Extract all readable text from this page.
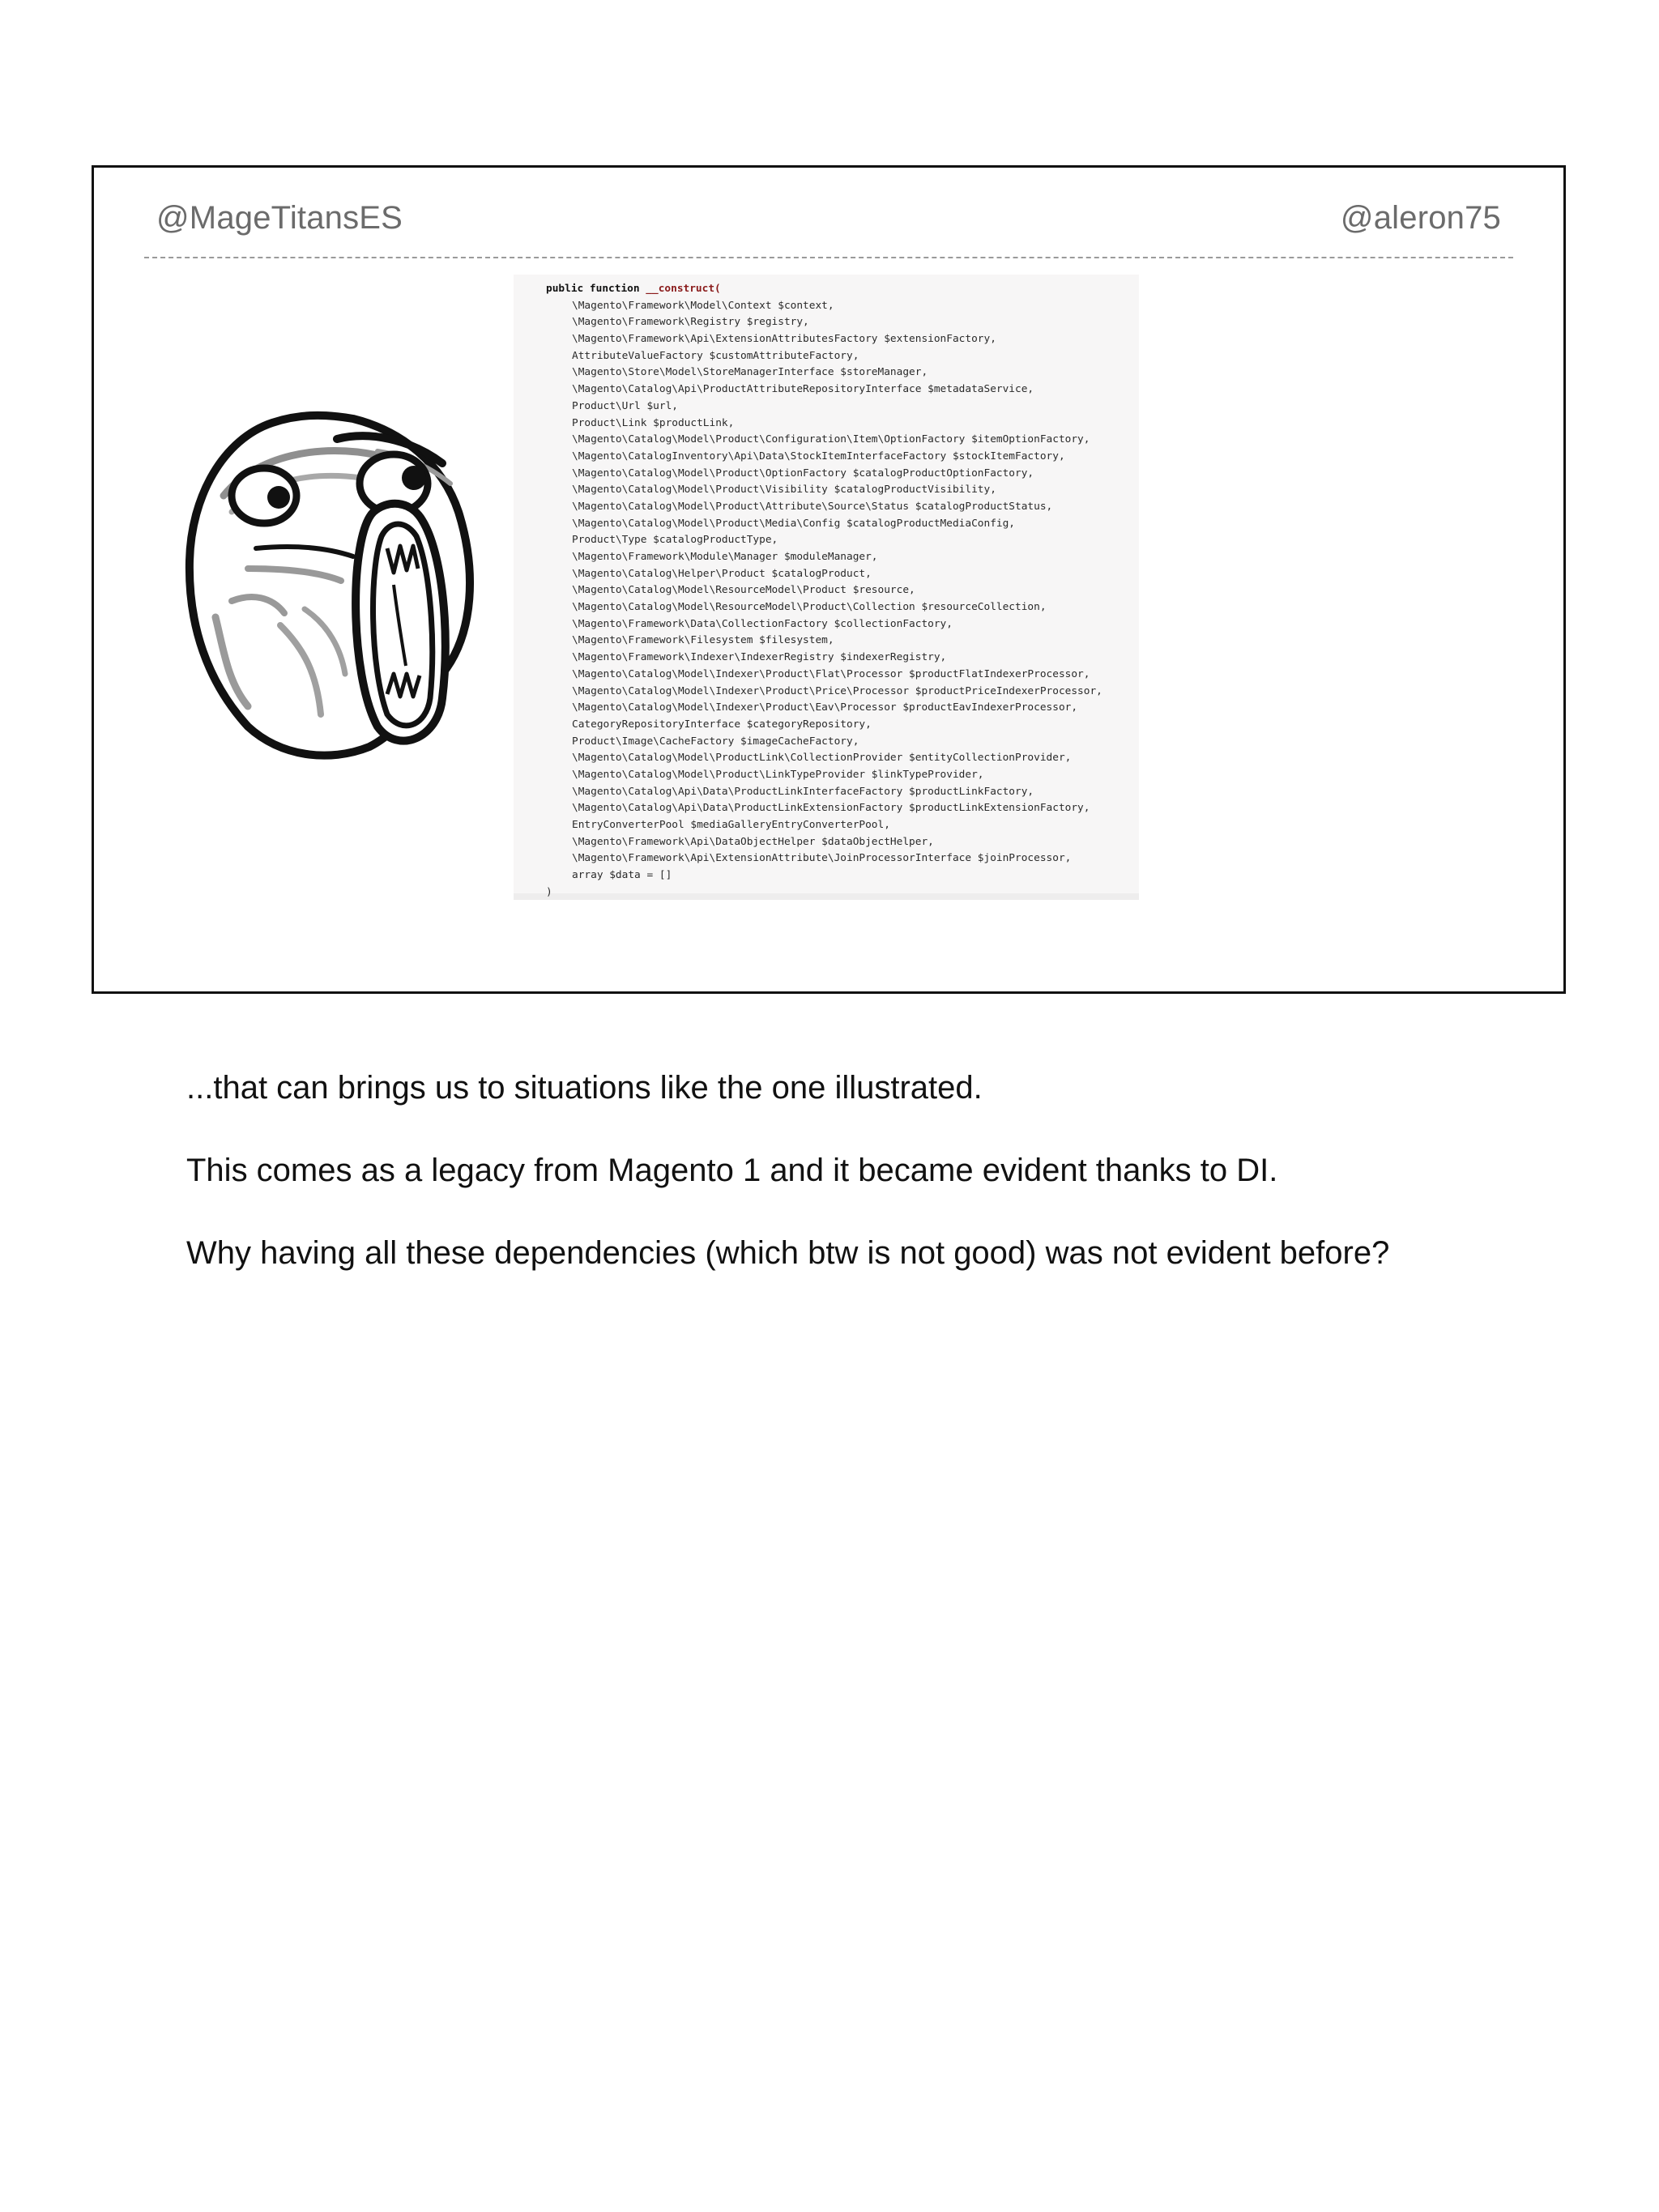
@MageTitansES	@aleron75
public function __construct(
\Magento\Framework\Model\Context $context,
\Magento\Framework\Registry $registry,
\Magento\Framework\Api\ExtensionAttributesFactory $extensionFactory,
AttributeValueFactory $customAttributeFactory,
\Magento\Store\Model\StoreManagerInterface $storeManager,
\Magento\Catalog\Api\ProductAttributeRepositoryInterface $metadataService,
Product\Url $url,
Product\Link $productLink,
\Magento\Catalog\Model\Product\Configuration\Item\OptionFactory $itemOptionFactory,
\Magento\CatalogInventory\Api\Data\StockItemInterfaceFactory $stockItemFactory,
\Magento\Catalog\Model\Product\OptionFactory $catalogProductOptionFactory,
\Magento\Catalog\Model\Product\Visibility $catalogProductVisibility,
\Magento\Catalog\Model\Product\Attribute\Source\Status $catalogProductStatus,
\Magento\Catalog\Model\Product\Media\Config $catalogProductMediaConfig,
Product\Type $catalogProductType,
\Magento\Framework\Module\Manager $moduleManager,
\Magento\Catalog\Helper\Product $catalogProduct,
\Magento\Catalog\Model\ResourceModel\Product $resource,
\Magento\Catalog\Model\ResourceModel\Product\Collection $resourceCollection,
\Magento\Framework\Data\CollectionFactory $collectionFactory,
\Magento\Framework\Filesystem $filesystem,
\Magento\Framework\Indexer\IndexerRegistry $indexerRegistry,
\Magento\Catalog\Model\Indexer\Product\Flat\Processor $productFlatIndexerProcessor,
\Magento\Catalog\Model\Indexer\Product\Price\Processor $productPriceIndexerProcessor,
\Magento\Catalog\Model\Indexer\Product\Eav\Processor $productEavIndexerProcessor,
CategoryRepositoryInterface $categoryRepository,
Product\Image\CacheFactory $imageCacheFactory,
\Magento\Catalog\Model\ProductLink\CollectionProvider $entityCollectionProvider,
\Magento\Catalog\Model\Product\LinkTypeProvider $linkTypeProvider,
\Magento\Catalog\Api\Data\ProductLinkInterfaceFactory $productLinkFactory,
\Magento\Catalog\Api\Data\ProductLinkExtensionFactory $productLinkExtensionFactory,
EntryConverterPool $mediaGalleryEntryConverterPool,
\Magento\Framework\Api\DataObjectHelper $dataObjectHelper,
\Magento\Framework\Api\ExtensionAttribute\JoinProcessorInterface $joinProcessor,
array $data = []
)

...that can brings us to situations like the one illustrated.

This comes as a legacy from Magento 1 and it became evident thanks to DI.

Why having all these dependencies (which btw is not good) was not evident before?
